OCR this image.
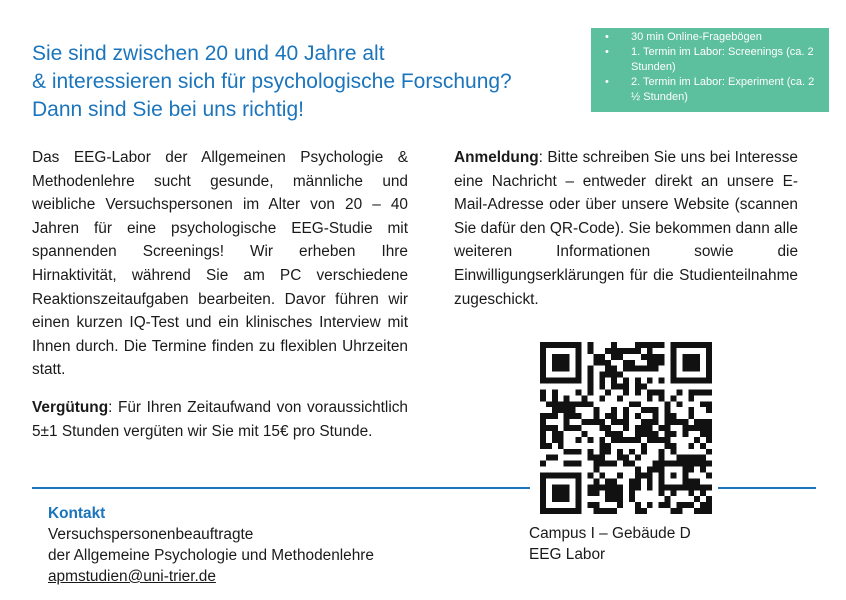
Sie sind zwischen 20 und 40 Jahre alt
& interessieren sich für psychologische Forschung?
Dann sind Sie bei uns richtig!
• 30 min Online-Fragebögen
• 1. Termin im Labor: Screenings (ca. 2 Stunden)
• 2. Termin im Labor: Experiment (ca. 2 ½ Stunden)

Das EEG-Labor der Allgemeinen Psychologie & Methodenlehre sucht gesunde, männliche und weibliche Versuchspersonen im Alter von 20 – 40 Jahren für eine psychologische EEG-Studie mit spannenden Screenings! Wir erheben Ihre Hirnaktivität, während Sie am PC verschiedene Reaktionszeitaufgaben bearbeiten. Davor führen wir einen kurzen IQ-Test und ein klinisches Interview mit Ihnen durch. Die Termine finden zu flexiblen Uhrzeiten statt.

Vergütung: Für Ihren Zeitaufwand von voraussichtlich 5±1 Stunden vergüten wir Sie mit 15€ pro Stunde.

Anmeldung: Bitte schreiben Sie uns bei Interesse eine Nachricht – entweder direkt an unsere E-Mail-Adresse oder über unsere Website (scannen Sie dafür den QR-Code). Sie bekommen dann alle weiteren Informationen sowie die Einwilligungserklärungen für die Studienteilnahme zugeschickt.

Kontakt
Versuchspersonenbeauftragte
der Allgemeine Psychologie und Methodenlehre
apmstudien@uni-trier.de
Campus I – Gebäude D
EEG Labor
